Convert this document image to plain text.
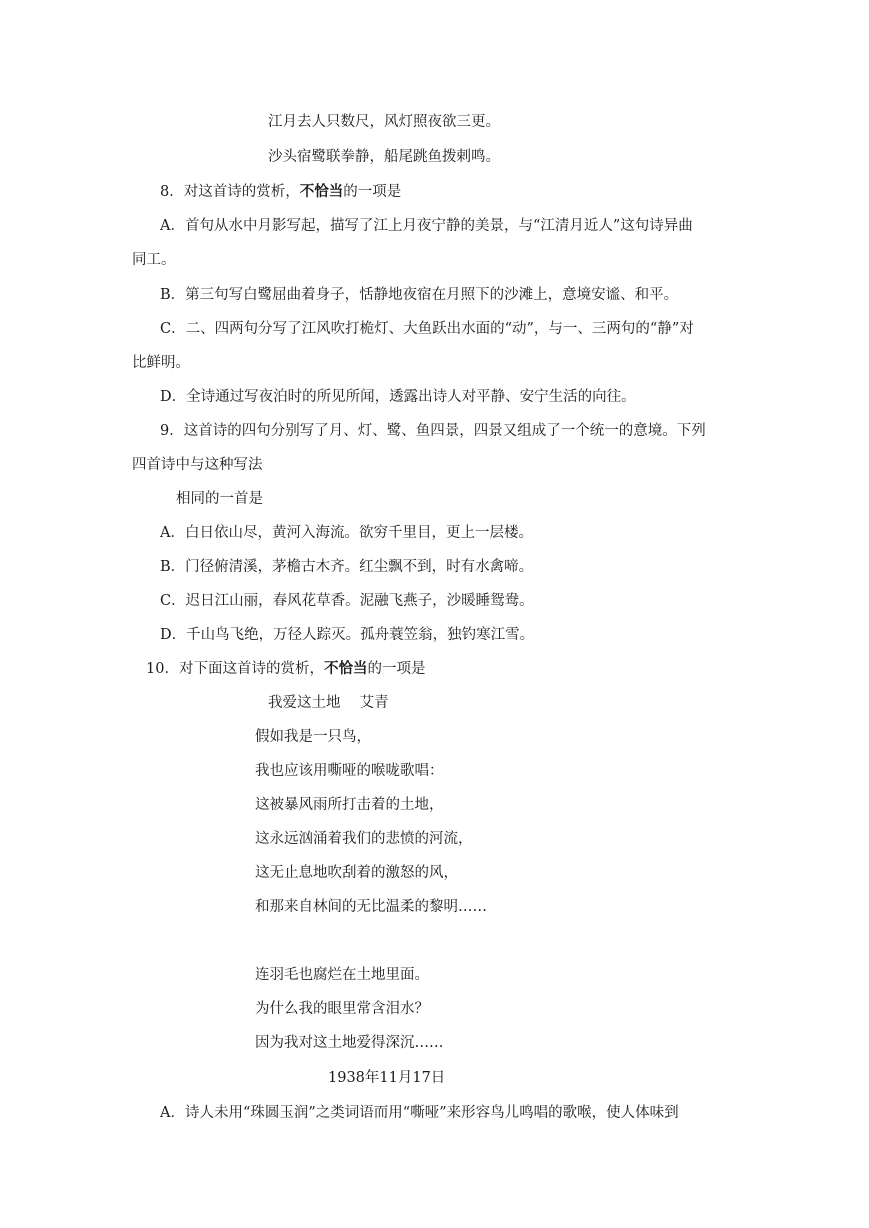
江月去人只数尺，风灯照夜欲三更。
沙头宿鹭联拳静，船尾跳鱼拨剌鸣。
8．对这首诗的赏析，不恰当的一项是
A．首句从水中月影写起，描写了江上月夜宁静的美景，与“江清月近人”这句诗异曲
同工。
B．第三句写白鹭屈曲着身子，恬静地夜宿在月照下的沙滩上，意境安谧、和平。
C．二、四两句分写了江风吹打桅灯、大鱼跃出水面的“动”，与一、三两句的“静”对
比鲜明。
D．全诗通过写夜泊时的所见所闻，透露出诗人对平静、安宁生活的向往。
9．这首诗的四句分别写了月、灯、鹭、鱼四景，四景又组成了一个统一的意境。下列
四首诗中与这种写法
相同的一首是
A．白日依山尽，黄河入海流。欲穷千里目，更上一层楼。
B．门径俯清溪，茅檐古木齐。红尘飘不到，时有水禽啼。
C．迟日江山丽，春风花草香。泥融飞燕子，沙暖睡鸳鸯。
D．千山鸟飞绝，万径人踪灭。孤舟蓑笠翁，独钓寒江雪。
10．对下面这首诗的赏析，不恰当的一项是
我爱这土地　 艾青
假如我是一只鸟，
我也应该用嘶哑的喉咙歌唱：
这被暴风雨所打击着的土地，
这永远汹涌着我们的悲愤的河流，
这无止息地吹刮着的激怒的风，
和那来自林间的无比温柔的黎明……
连羽毛也腐烂在土地里面。
为什么我的眼里常含泪水？
因为我对这土地爱得深沉……
1938年11月17日
A．诗人未用“珠圆玉润”之类词语而用“嘶哑”来形容鸟儿鸣唱的歌喉，使人体味到
